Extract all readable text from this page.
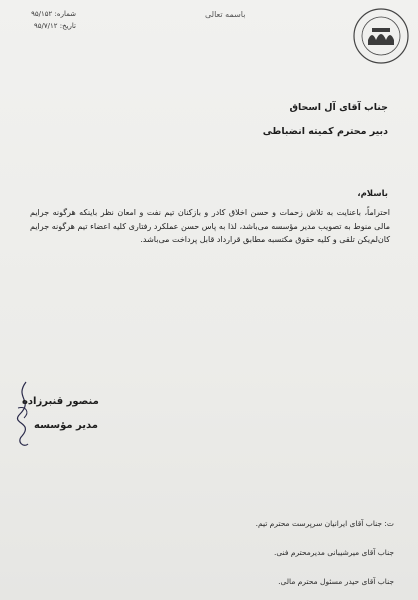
شماره: ۹۵/۱۵۲
تاریخ: ۹۵/۷/۱۲
باسمه تعالی
جناب آقای آل اسحاق
دبیر محترم کمیته انضباطی
باسلام،
احتراماً، باعنایت به تلاش زحمات و حسن اخلاق کادر و بازکنان تیم نفت و امعان نظر باینکه هرگونه جرایم مالی منوط به تصویب مدیر مؤسسه می‌باشد، لذا به پاس حسن عملکرد رفتاری کلیه اعضاء تیم هرگونه جرایم کان‌لم‌یکن تلقی و کلیه حقوق مکتسبه مطابق قرارداد قابل پرداخت می‌باشد.
منصور قنبرزاده
مدیر مؤسسه
ت: جناب آقای ایرانیان سرپرست محترم تیم.
جناب آقای میرشیبانی مدیرمحترم فنی.
جناب آقای حیدر مسئول محترم مالی.
